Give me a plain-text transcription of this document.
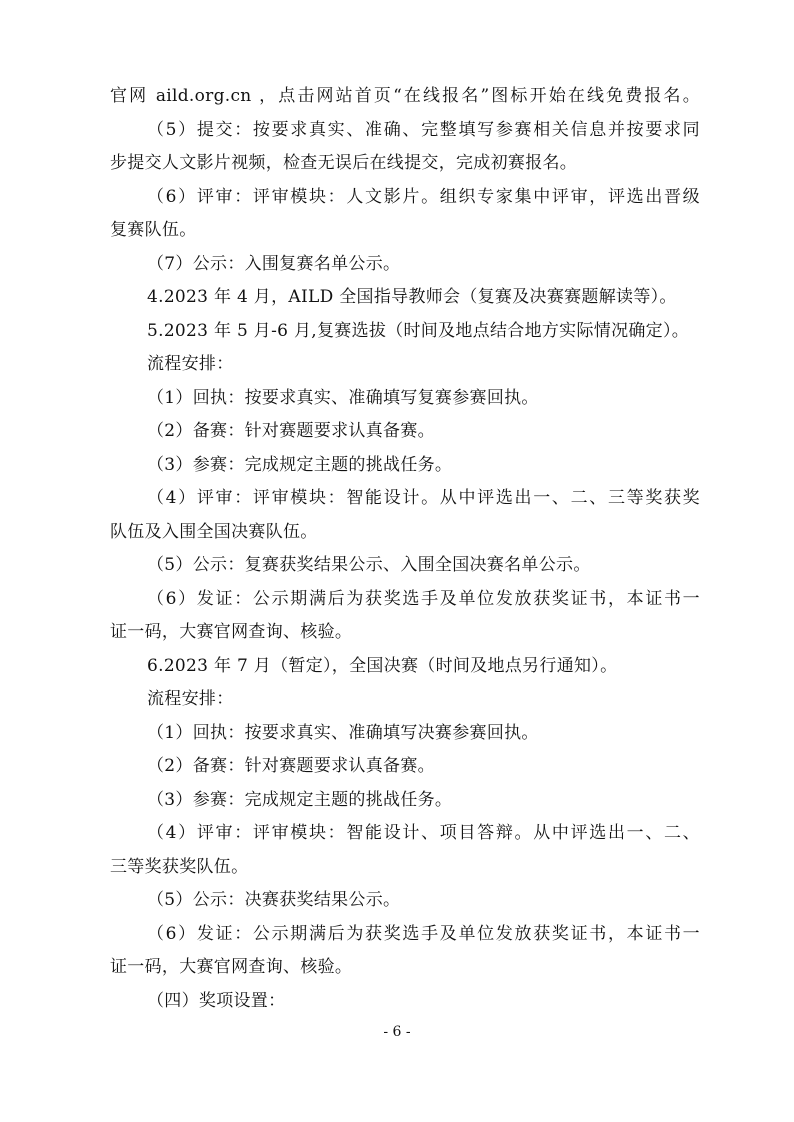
官网 aild.org.cn ，点击网站首页“在线报名”图标开始在线免费报名。
（5）提交：按要求真实、准确、完整填写参赛相关信息并按要求同
步提交人文影片视频，检查无误后在线提交，完成初赛报名。
（6）评审：评审模块：人文影片。组织专家集中评审，评选出晋级
复赛队伍。
（7）公示：入围复赛名单公示。
4.2023 年 4 月，AILD 全国指导教师会（复赛及决赛赛题解读等）。
5.2023 年 5 月-6 月,复赛选拔（时间及地点结合地方实际情况确定）。
流程安排：
（1）回执：按要求真实、准确填写复赛参赛回执。
（2）备赛：针对赛题要求认真备赛。
（3）参赛：完成规定主题的挑战任务。
（4）评审：评审模块：智能设计。从中评选出一、二、三等奖获奖
队伍及入围全国决赛队伍。
（5）公示：复赛获奖结果公示、入围全国决赛名单公示。
（6）发证：公示期满后为获奖选手及单位发放获奖证书，本证书一
证一码，大赛官网查询、核验。
6.2023 年 7 月（暂定），全国决赛（时间及地点另行通知）。
流程安排：
（1）回执：按要求真实、准确填写决赛参赛回执。
（2）备赛：针对赛题要求认真备赛。
（3）参赛：完成规定主题的挑战任务。
（4）评审：评审模块：智能设计、项目答辩。从中评选出一、二、
三等奖获奖队伍。
（5）公示：决赛获奖结果公示。
（6）发证：公示期满后为获奖选手及单位发放获奖证书，本证书一
证一码，大赛官网查询、核验。
（四）奖项设置：
- 6 -
